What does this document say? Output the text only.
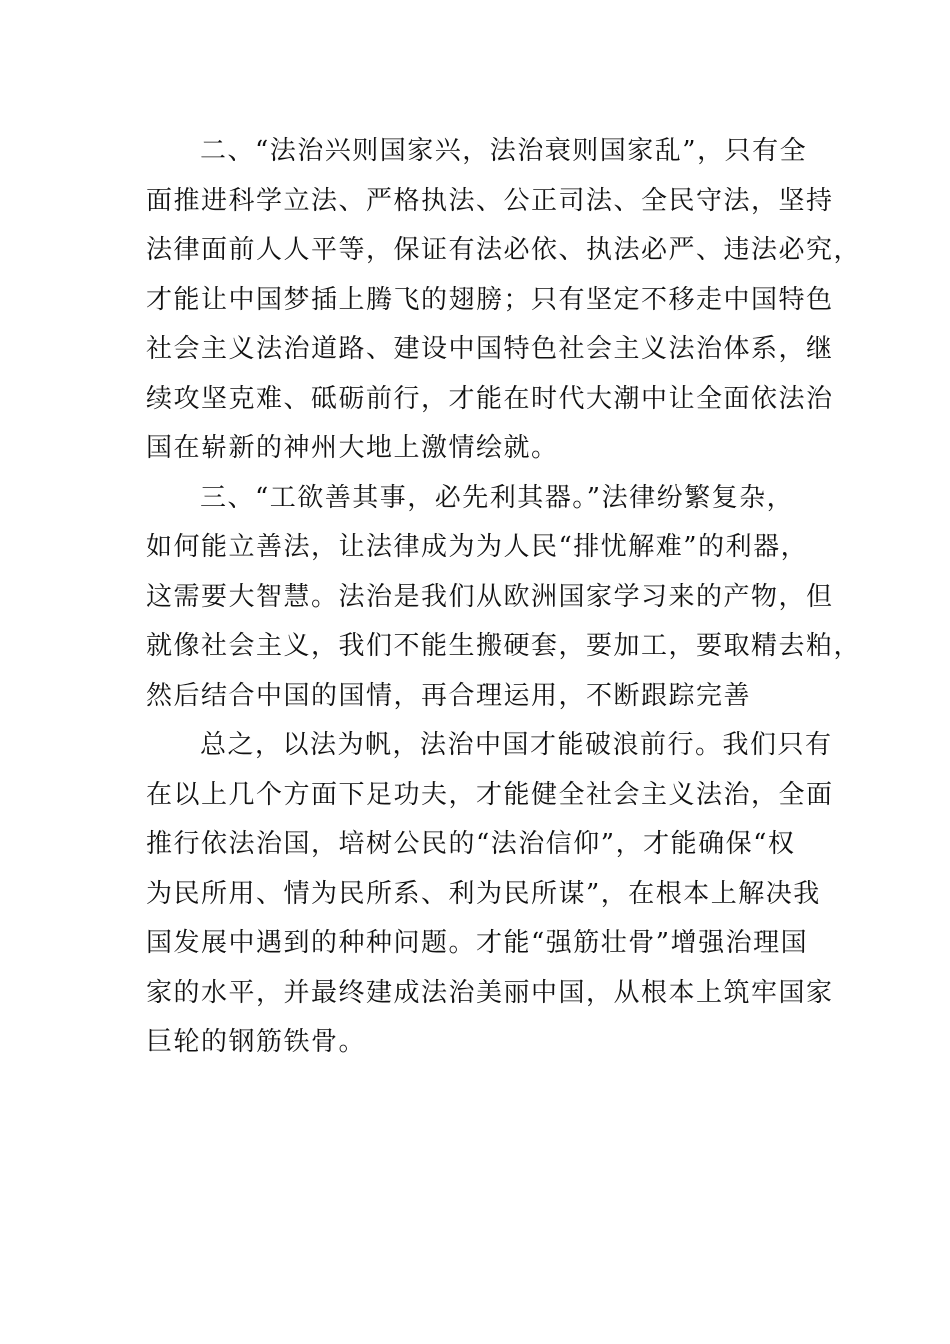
二、“法治兴则国家兴，法治衰则国家乱”，只有全
面推进科学立法、严格执法、公正司法、全民守法，坚持
法律面前人人平等，保证有法必依、执法必严、违法必究，
才能让中国梦插上腾飞的翅膀；只有坚定不移走中国特色
社会主义法治道路、建设中国特色社会主义法治体系，继
续攻坚克难、砥砺前行，才能在时代大潮中让全面依法治
国在崭新的神州大地上激情绘就。
三、“工欲善其事，必先利其器。”法律纷繁复杂，
如何能立善法，让法律成为为人民“排忧解难”的利器，
这需要大智慧。法治是我们从欧洲国家学习来的产物，但
就像社会主义，我们不能生搬硬套，要加工，要取精去粕，
然后结合中国的国情，再合理运用，不断跟踪完善
总之，以法为帆，法治中国才能破浪前行。我们只有
在以上几个方面下足功夫，才能健全社会主义法治，全面
推行依法治国，培树公民的“法治信仰”，才能确保“权
为民所用、情为民所系、利为民所谋”，在根本上解决我
国发展中遇到的种种问题。才能“强筋壮骨”增强治理国
家的水平，并最终建成法治美丽中国，从根本上筑牢国家
巨轮的钢筋铁骨。
